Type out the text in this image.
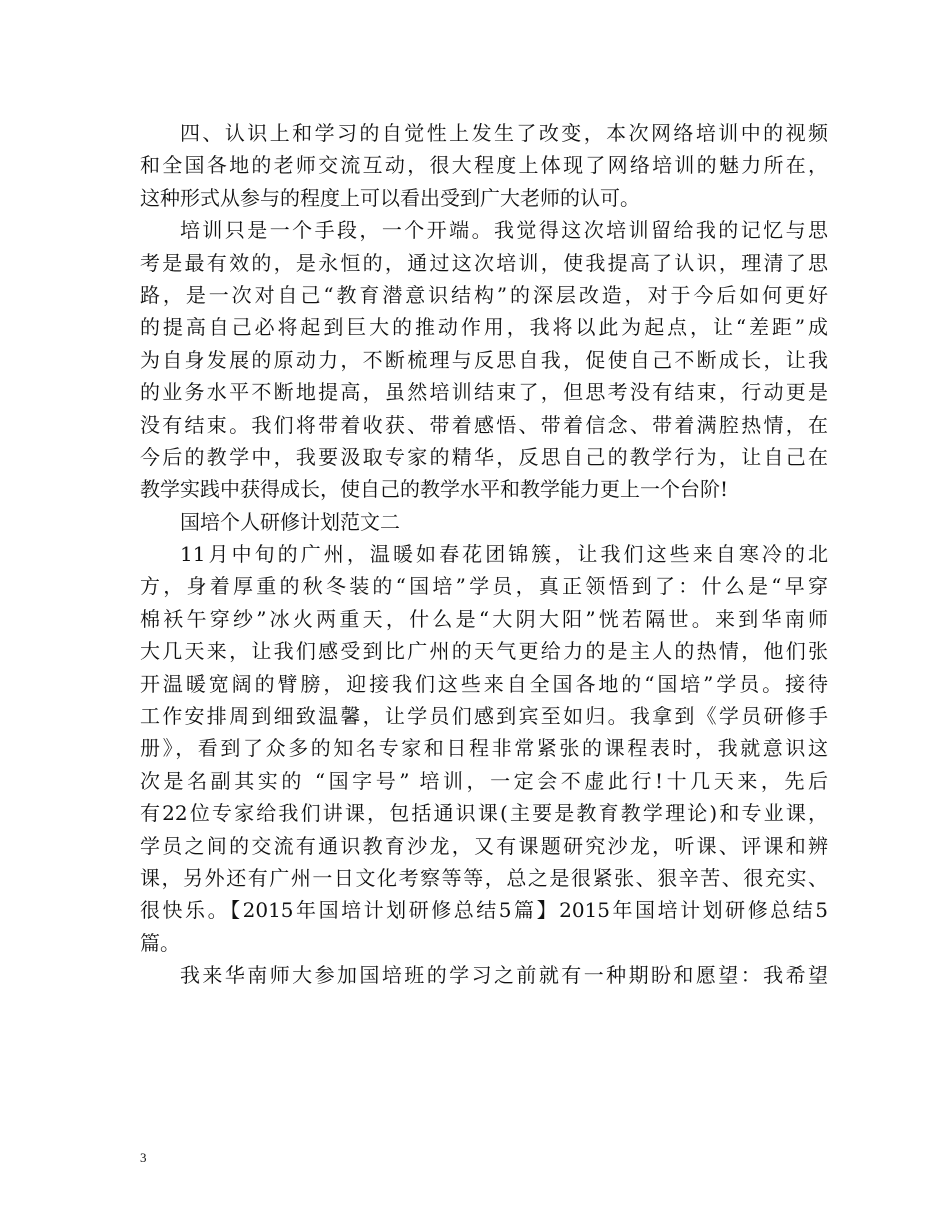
四、认识上和学习的自觉性上发生了改变，本次网络培训中的视频
和全国各地的老师交流互动，很大程度上体现了网络培训的魅力所在，
这种形式从参与的程度上可以看出受到广大老师的认可。
培训只是一个手段，一个开端。我觉得这次培训留给我的记忆与思
考是最有效的，是永恒的，通过这次培训，使我提高了认识，理清了思
路，是一次对自己“教育潜意识结构”的深层改造，对于今后如何更好
的提高自己必将起到巨大的推动作用，我将以此为起点，让“差距”成
为自身发展的原动力，不断梳理与反思自我，促使自己不断成长，让我
的业务水平不断地提高，虽然培训结束了，但思考没有结束，行动更是
没有结束。我们将带着收获、带着感悟、带着信念、带着满腔热情，在
今后的教学中，我要汲取专家的精华，反思自己的教学行为，让自己在
教学实践中获得成长，使自己的教学水平和教学能力更上一个台阶!
国培个人研修计划范文二
11月中旬的广州，温暖如春花团锦簇，让我们这些来自寒冷的北
方，身着厚重的秋冬装的“国培”学员，真正领悟到了：什么是“早穿
棉袄午穿纱”冰火两重天，什么是“大阴大阳”恍若隔世。来到华南师
大几天来，让我们感受到比广州的天气更给力的是主人的热情，他们张
开温暖宽阔的臂膀，迎接我们这些来自全国各地的“国培”学员。接待
工作安排周到细致温馨，让学员们感到宾至如归。我拿到《学员研修手
册》，看到了众多的知名专家和日程非常紧张的课程表时，我就意识这
次是名副其实的 “国字号” 培训，一定会不虚此行!十几天来，先后
有22位专家给我们讲课，包括通识课(主要是教育教学理论)和专业课，
学员之间的交流有通识教育沙龙，又有课题研究沙龙，听课、评课和辨
课，另外还有广州一日文化考察等等，总之是很紧张、狠辛苦、很充实、
很快乐。【2015年国培计划研修总结5篇】2015年国培计划研修总结5
篇。
我来华南师大参加国培班的学习之前就有一种期盼和愿望：我希望
3
